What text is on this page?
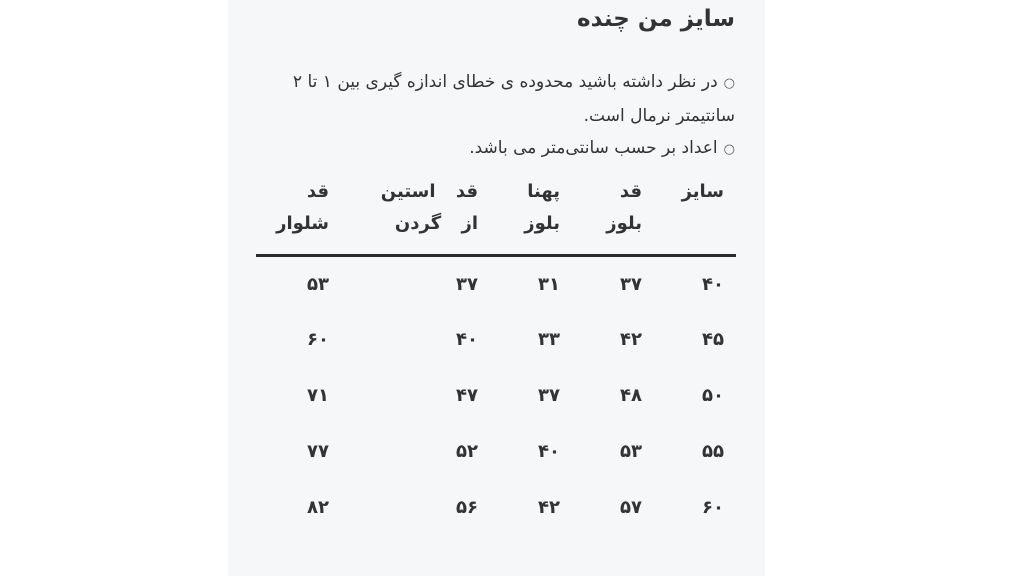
سایز من چنده
○در نظر داشته باشید محدوده ی خطای اندازه گیری بین ۱ تا ۲ سانتیمتر نرمال است.
○اعداد بر حسب سانتی‌متر می باشد.
سایز	قد بلوز	پهنا بلوز	قد استین از گردن	قد شلوار
۴۰	۳۷	۳۱	۳۷	۵۳
۴۵	۴۲	۳۳	۴۰	۶۰
۵۰	۴۸	۳۷	۴۷	۷۱
۵۵	۵۳	۴۰	۵۲	۷۷
۶۰	۵۷	۴۲	۵۶	۸۲
